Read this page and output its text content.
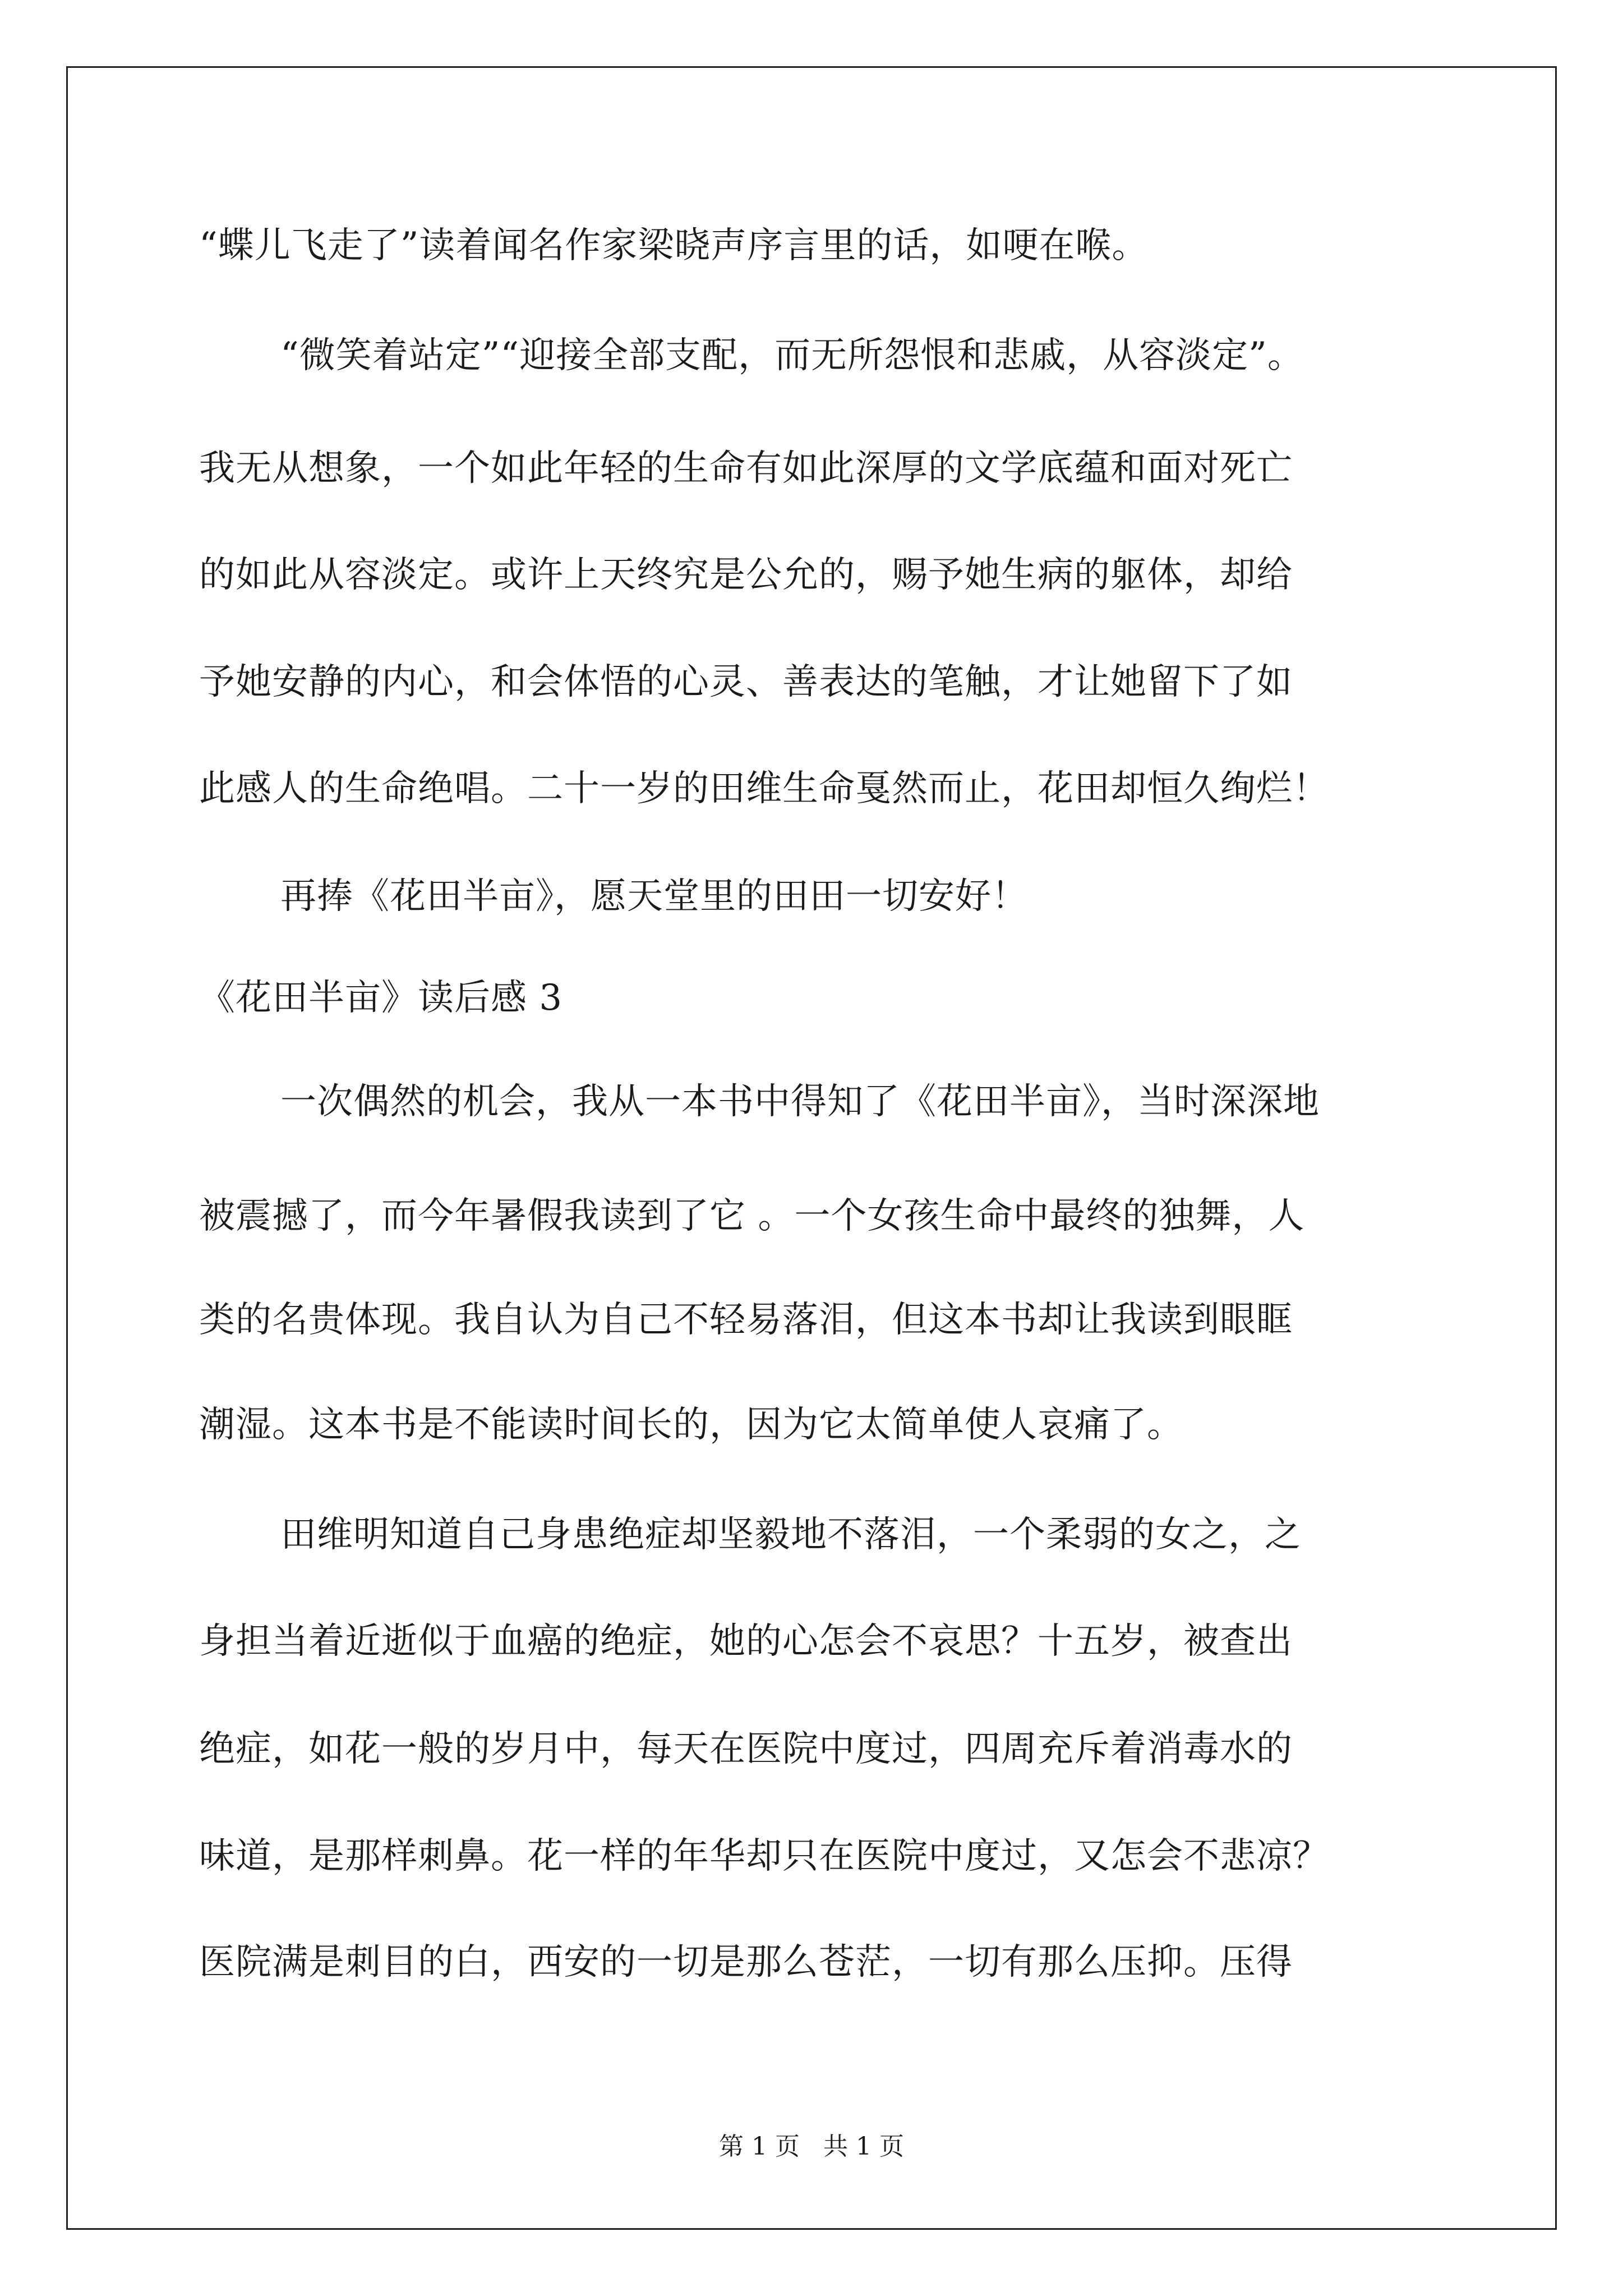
“蝶儿飞走了”读着闻名作家梁晓声序言里的话，如哽在喉。
“微笑着站定”“迎接全部支配，而无所怨恨和悲戚，从容淡定”。
我无从想象，一个如此年轻的生命有如此深厚的文学底蕴和面对死亡
的如此从容淡定。或许上天终究是公允的，赐予她生病的躯体，却给
予她安静的内心，和会体悟的心灵、善表达的笔触，才让她留下了如
此感人的生命绝唱。二十一岁的田维生命戛然而止，花田却恒久绚烂！
再捧《花田半亩》，愿天堂里的田田一切安好！
《花田半亩》读后感 3
一次偶然的机会，我从一本书中得知了《花田半亩》，当时深深地
被震撼了，而今年暑假我读到了它 。一个女孩生命中最终的独舞，人
类的名贵体现。我自认为自己不轻易落泪，但这本书却让我读到眼眶
潮湿。这本书是不能读时间长的，因为它太简单使人哀痛了。
田维明知道自己身患绝症却坚毅地不落泪，一个柔弱的女之，之
身担当着近逝似于血癌的绝症，她的心怎会不哀思？十五岁，被查出
绝症，如花一般的岁月中，每天在医院中度过，四周充斥着消毒水的
味道，是那样刺鼻。花一样的年华却只在医院中度过，又怎会不悲凉？
医院满是刺目的白，西安的一切是那么苍茫，一切有那么压抑。压得
第 1 页   共 1 页
